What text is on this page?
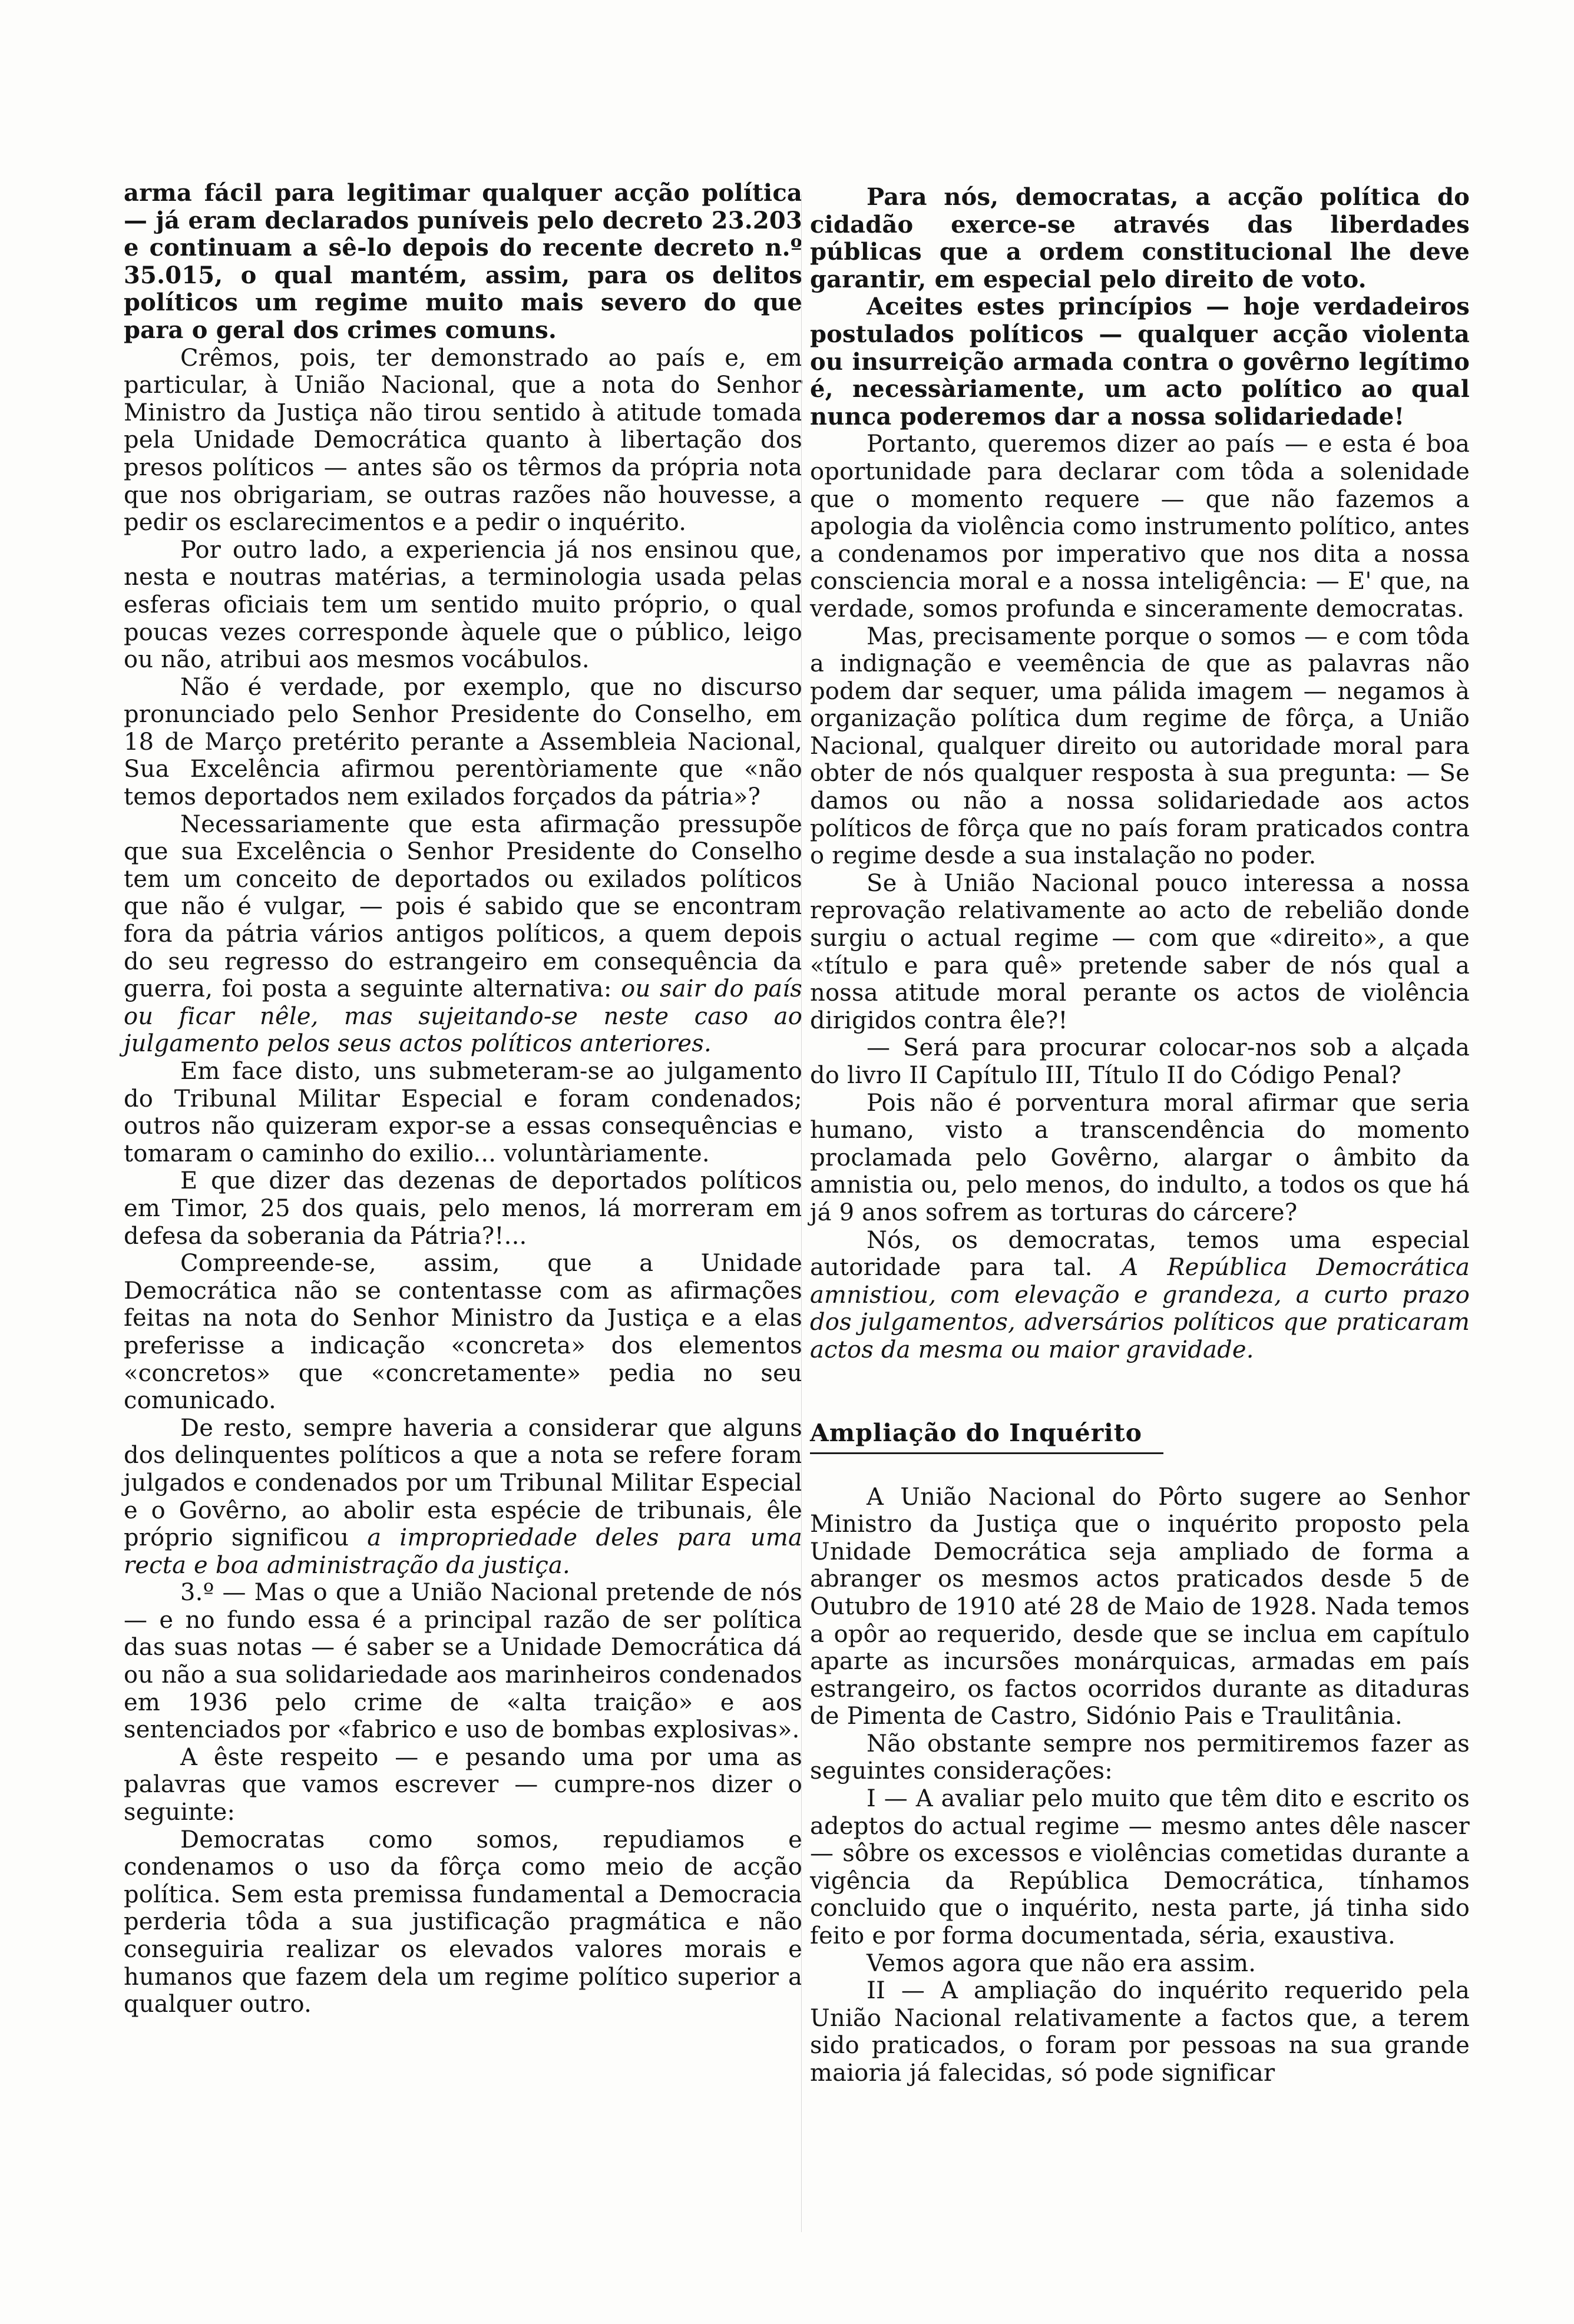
arma fácil para legitimar qualquer acção política — já eram declarados puníveis pelo decreto 23.203 e continuam a sê-lo depois do recente decreto n.º 35.015, o qual mantém, assim, para os delitos políticos um regime muito mais severo do que para o geral dos crimes comuns.

Crêmos, pois, ter demonstrado ao país e, em particular, à União Nacional, que a nota do Senhor Ministro da Justiça não tirou sentido à atitude tomada pela Unidade Democrática quanto à libertação dos presos políticos — antes são os têrmos da própria nota que nos obrigariam, se outras razões não houvesse, a pedir os esclarecimentos e a pedir o inquérito.

Por outro lado, a experiencia já nos ensinou que, nesta e noutras matérias, a terminologia usada pelas esferas oficiais tem um sentido muito próprio, o qual poucas vezes corresponde àquele que o público, leigo ou não, atribui aos mesmos vocábulos.

Não é verdade, por exemplo, que no discurso pronunciado pelo Senhor Presidente do Conselho, em 18 de Março pretérito perante a Assembleia Nacional, Sua Excelência afirmou perentòriamente que «não temos deportados nem exilados forçados da pátria»?

Necessariamente que esta afirmação pressupõe que sua Excelência o Senhor Presidente do Conselho tem um conceito de deportados ou exilados políticos que não é vulgar, — pois é sabido que se encontram fora da pátria vários antigos políticos, a quem depois do seu regresso do estrangeiro em consequência da guerra, foi posta a seguinte alternativa: ou sair do país ou ficar nêle, mas sujeitando-se neste caso ao julgamento pelos seus actos políticos anteriores.

Em face disto, uns submeteram-se ao julgamento do Tribunal Militar Especial e foram condenados; outros não quizeram expor-se a essas consequências e tomaram o caminho do exilio... voluntàriamente.

E que dizer das dezenas de deportados políticos em Timor, 25 dos quais, pelo menos, lá morreram em defesa da soberania da Pátria?!...

Compreende-se, assim, que a Unidade Democrática não se contentasse com as afirmações feitas na nota do Senhor Ministro da Justiça e a elas preferisse a indicação «concreta» dos elementos «concretos» que «concretamente» pedia no seu comunicado.

De resto, sempre haveria a considerar que alguns dos delinquentes políticos a que a nota se refere foram julgados e condenados por um Tribunal Militar Especial e o Govêrno, ao abolir esta espécie de tribunais, êle próprio significou a impropriedade deles para uma recta e boa administração da justiça.

3.º — Mas o que a União Nacional pretende de nós — e no fundo essa é a principal razão de ser política das suas notas — é saber se a Unidade Democrática dá ou não a sua solidariedade aos marinheiros condenados em 1936 pelo crime de «alta traição» e aos sentenciados por «fabrico e uso de bombas explosivas».

A êste respeito — e pesando uma por uma as palavras que vamos escrever — cumpre-nos dizer o seguinte:

Democratas como somos, repudiamos e condenamos o uso da fôrça como meio de acção política. Sem esta premissa fundamental a Democracia perderia tôda a sua justificação pragmática e não conseguiria realizar os elevados valores morais e humanos que fazem dela um regime político superior a qualquer outro.

Para nós, democratas, a acção política do cidadão exerce-se através das liberdades públicas que a ordem constitucional lhe deve garantir, em especial pelo direito de voto.

Aceites estes princípios — hoje verdadeiros postulados políticos — qualquer acção violenta ou insurreição armada contra o govêrno legítimo é, necessàriamente, um acto político ao qual nunca poderemos dar a nossa solidariedade!

Portanto, queremos dizer ao país — e esta é boa oportunidade para declarar com tôda a solenidade que o momento requere — que não fazemos a apologia da violência como instrumento político, antes a condenamos por imperativo que nos dita a nossa consciencia moral e a nossa inteligência: — E' que, na verdade, somos profunda e sinceramente democratas.

Mas, precisamente porque o somos — e com tôda a indignação e veemência de que as palavras não podem dar sequer, uma pálida imagem — negamos à organização política dum regime de fôrça, a União Nacional, qualquer direito ou autoridade moral para obter de nós qualquer resposta à sua pregunta: — Se damos ou não a nossa solidariedade aos actos políticos de fôrça que no país foram praticados contra o regime desde a sua instalação no poder.

Se à União Nacional pouco interessa a nossa reprovação relativamente ao acto de rebelião donde surgiu o actual regime — com que «direito», a que «título e para quê» pretende saber de nós qual a nossa atitude moral perante os actos de violência dirigidos contra êle?!

— Será para procurar colocar-nos sob a alçada do livro II Capítulo III, Título II do Código Penal?

Pois não é porventura moral afirmar que seria humano, visto a transcendência do momento proclamada pelo Govêrno, alargar o âmbito da amnistia ou, pelo menos, do indulto, a todos os que há já 9 anos sofrem as torturas do cárcere?

Nós, os democratas, temos uma especial autoridade para tal. A República Democrática amnistiou, com elevação e grandeza, a curto prazo dos julgamentos, adversários políticos que praticaram actos da mesma ou maior gravidade.

Ampliação do Inquérito

A União Nacional do Pôrto sugere ao Senhor Ministro da Justiça que o inquérito proposto pela Unidade Democrática seja ampliado de forma a abranger os mesmos actos praticados desde 5 de Outubro de 1910 até 28 de Maio de 1928. Nada temos a opôr ao requerido, desde que se inclua em capítulo aparte as incursões monárquicas, armadas em país estrangeiro, os factos ocorridos durante as ditaduras de Pimenta de Castro, Sidónio Pais e Traulitânia.

Não obstante sempre nos permitiremos fazer as seguintes considerações:

I — A avaliar pelo muito que têm dito e escrito os adeptos do actual regime — mesmo antes dêle nascer — sôbre os excessos e violências cometidas durante a vigência da República Democrática, tínhamos concluido que o inquérito, nesta parte, já tinha sido feito e por forma documentada, séria, exaustiva.

Vemos agora que não era assim.

II — A ampliação do inquérito requerido pela União Nacional relativamente a factos que, a terem sido praticados, o foram por pessoas na sua grande maioria já falecidas, só pode significar
